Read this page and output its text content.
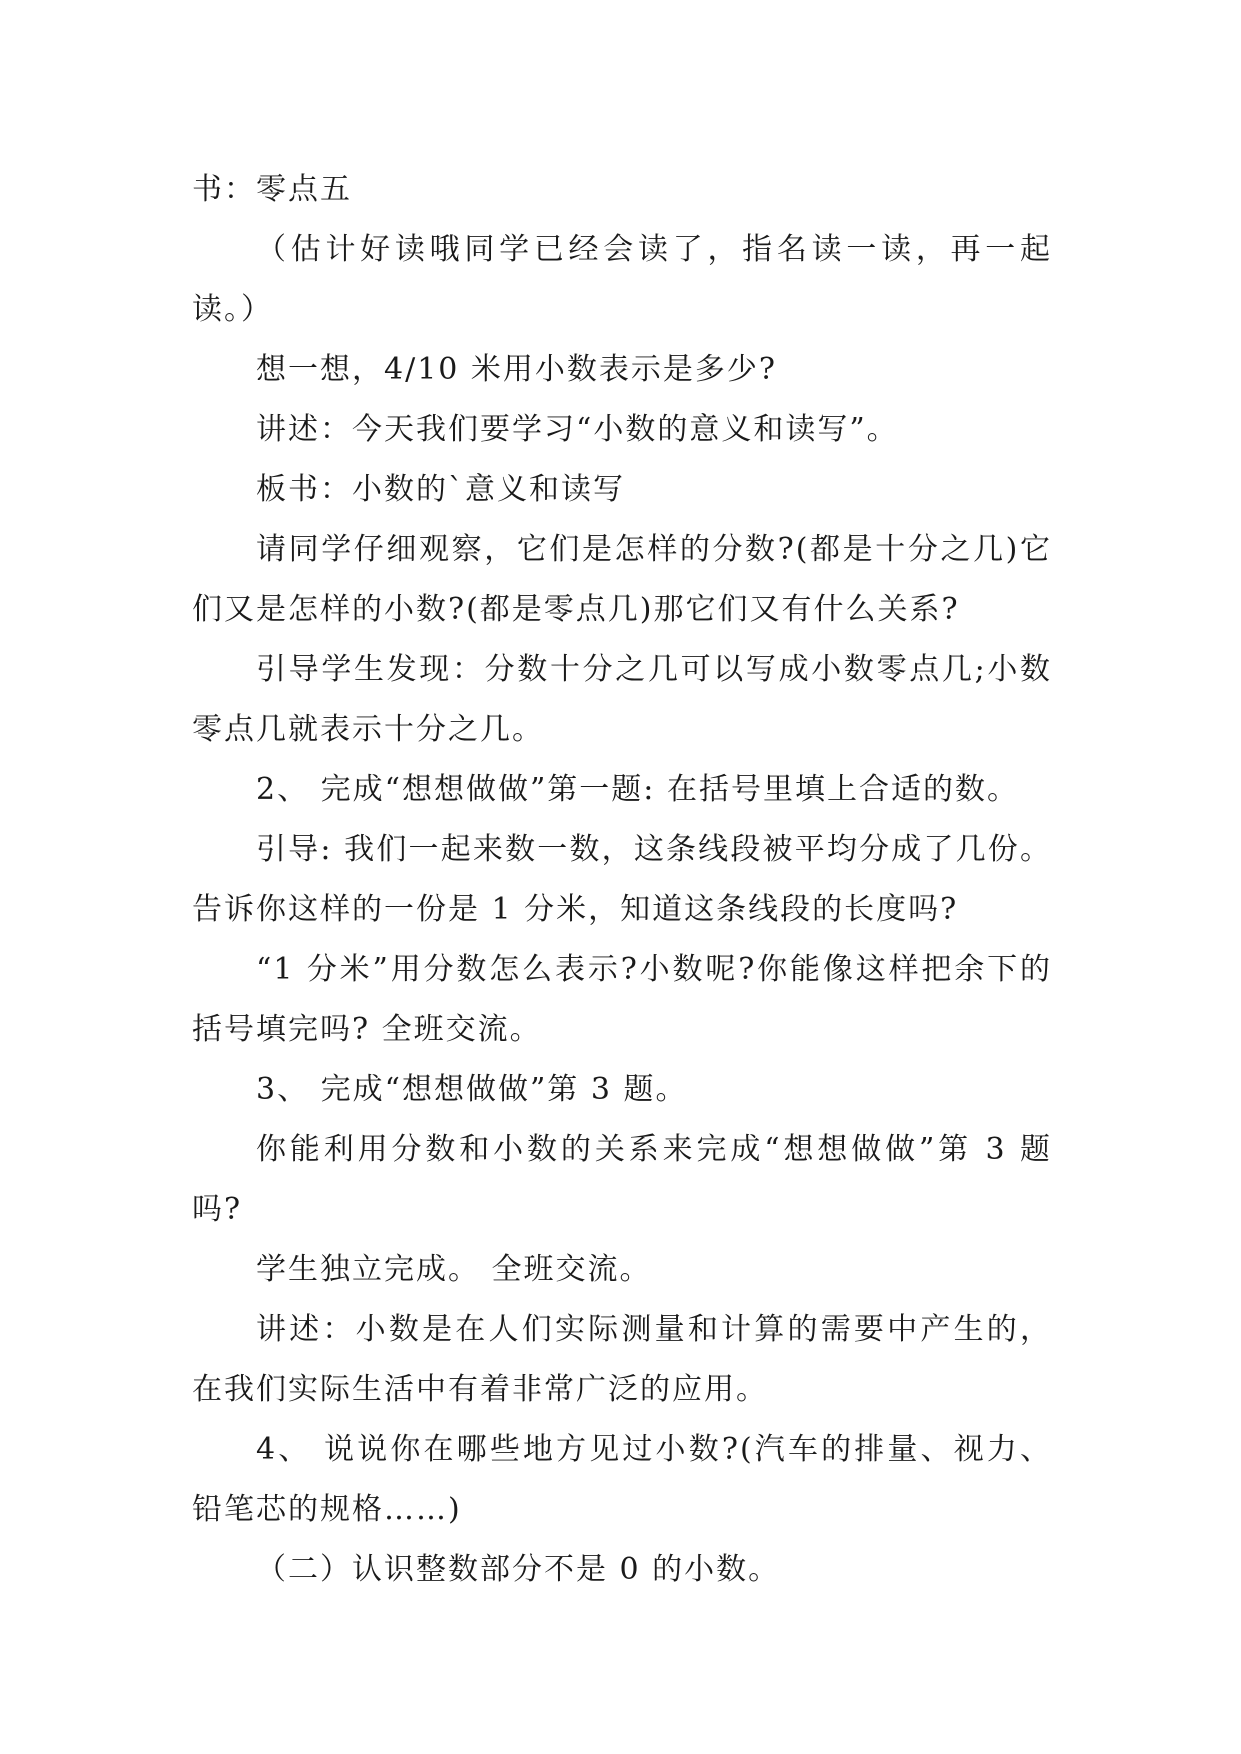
书：零点五

（估计好读哦同学已经会读了，指名读一读，再一起读。）

想一想，4/10 米用小数表示是多少?

讲述：今天我们要学习“小数的意义和读写”。

板书：小数的`意义和读写

请同学仔细观察，它们是怎样的分数?(都是十分之几)它们又是怎样的小数?(都是零点几)那它们又有什么关系?

引导学生发现：分数十分之几可以写成小数零点几;小数零点几就表示十分之几。

2、 完成“想想做做”第一题: 在括号里填上合适的数。

引导: 我们一起来数一数，这条线段被平均分成了几份。告诉你这样的一份是 1 分米，知道这条线段的长度吗?

“1 分米”用分数怎么表示?小数呢?你能像这样把余下的括号填完吗? 全班交流。

3、 完成“想想做做”第 3 题。

你能利用分数和小数的关系来完成“想想做做”第 3 题吗?

学生独立完成。 全班交流。

讲述：小数是在人们实际测量和计算的需要中产生的，在我们实际生活中有着非常广泛的应用。

4、 说说你在哪些地方见过小数?(汽车的排量、视力、铅笔芯的规格……)

（二）认识整数部分不是 0 的小数。
